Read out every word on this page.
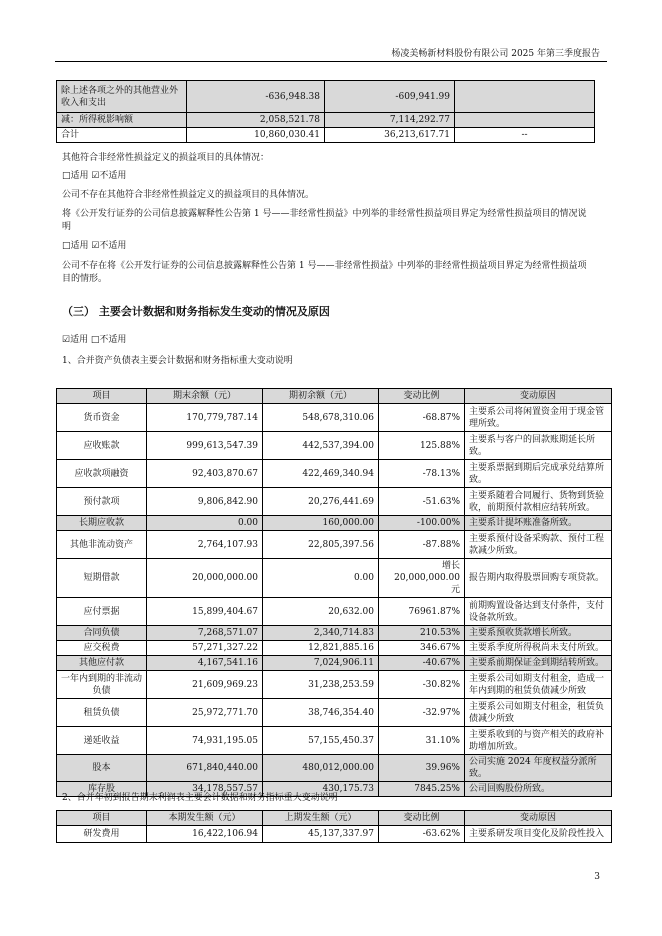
杨凌美畅新材料股份有限公司 2025 年第三季度报告
除上述各项之外的其他营业外收入和支出	-636,948.38	-609,941.99	
减：所得税影响额	2,058,521.78	7,114,292.77	
合计	10,860,030.41	36,213,617.71	--
其他符合非经常性损益定义的损益项目的具体情况：
□适用 ☑不适用
公司不存在其他符合非经常性损益定义的损益项目的具体情况。
将《公开发行证券的公司信息披露解释性公告第 1 号——非经常性损益》中列举的非经常性损益项目界定为经常性损益项目的情况说明
□适用 ☑不适用
公司不存在将《公开发行证券的公司信息披露解释性公告第 1 号——非经常性损益》中列举的非经常性损益项目界定为经常性损益项目的情形。
（三） 主要会计数据和财务指标发生变动的情况及原因
☑适用 □不适用
1、合并资产负债表主要会计数据和财务指标重大变动说明
项目	期末余额（元）	期初余额（元）	变动比例	变动原因
货币资金	170,779,787.14	548,678,310.06	-68.87%	主要系公司将闲置资金用于现金管理所致。
应收账款	999,613,547.39	442,537,394.00	125.88%	主要系与客户的回款账期延长所致。
应收款项融资	92,403,870.67	422,469,340.94	-78.13%	主要系票据到期后完成承兑结算所致。
预付款项	9,806,842.90	20,276,441.69	-51.63%	主要系随着合同履行、货物到货验收，前期预付款相应结转所致。
长期应收款	0.00	160,000.00	-100.00%	主要系计提坏账准备所致。
其他非流动资产	2,764,107.93	22,805,397.56	-87.88%	主要系预付设备采购款、预付工程款减少所致。
短期借款	20,000,000.00	0.00	增长 20,000,000.00 元	报告期内取得股票回购专项贷款。
应付票据	15,899,404.67	20,632.00	76961.87%	前期购置设备达到支付条件，支付设备款所致。
合同负债	7,268,571.07	2,340,714.83	210.53%	主要系预收货款增长所致。
应交税费	57,271,327.22	12,821,885.16	346.67%	主要系季度所得税尚未支付所致。
其他应付款	4,167,541.16	7,024,906.11	-40.67%	主要系前期保证金到期结转所致。
一年内到期的非流动负债	21,609,969.23	31,238,253.59	-30.82%	主要系公司如期支付租金，造成一年内到期的租赁负债减少所致
租赁负债	25,972,771.70	38,746,354.40	-32.97%	主要系公司如期支付租金，租赁负债减少所致
递延收益	74,931,195.05	57,155,450.37	31.10%	主要系收到的与资产相关的政府补助增加所致。
股本	671,840,440.00	480,012,000.00	39.96%	公司实施 2024 年度权益分派所致。
库存股	34,178,557.57	430,175.73	7845.25%	公司回购股份所致。
2、合并年初到报告期末利润表主要会计数据和财务指标重大变动说明
项目	本期发生额（元）	上期发生额（元）	变动比例	变动原因
研发费用	16,422,106.94	45,137,337.97	-63.62%	主要系研发项目变化及阶段性投入
3
